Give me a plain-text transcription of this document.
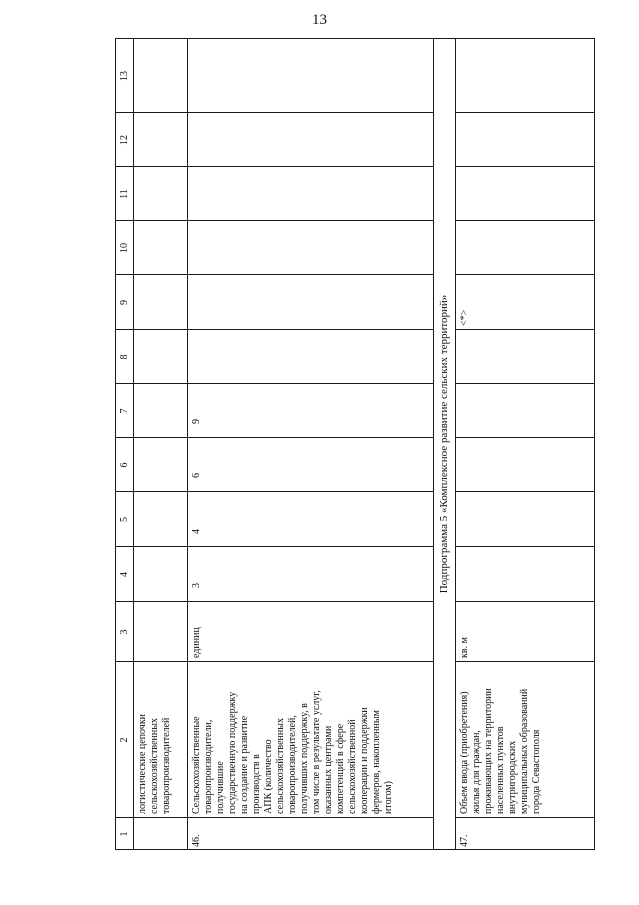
13
1
2
3
4
5
6
7
8
9
10
11
12
13
логистические цепочки
сельскохозяйственных
товаропроизводителей
46.
Сельскохозяйственные
товаропроизводители,
получившие
государственную поддержку
на создание и развитие
производств в
АПК (количество
сельскохозяйственных
товаропроизводителей,
получивших поддержку, в
том числе в результате услуг,
оказанных центрами
компетенций в сфере
сельскохозяйственной
кооперации и поддержки
фермеров, накопленным
итогом)
единиц
3
4
6
9	Подпрограмма 5 «Комплексное развитие сельских территорий»
47.
Объем ввода (приобретения)
жилья для граждан,
проживающих на территории
населенных пунктов
внутригородских
муниципальных образований
города Севастополя
кв. м
<*>
